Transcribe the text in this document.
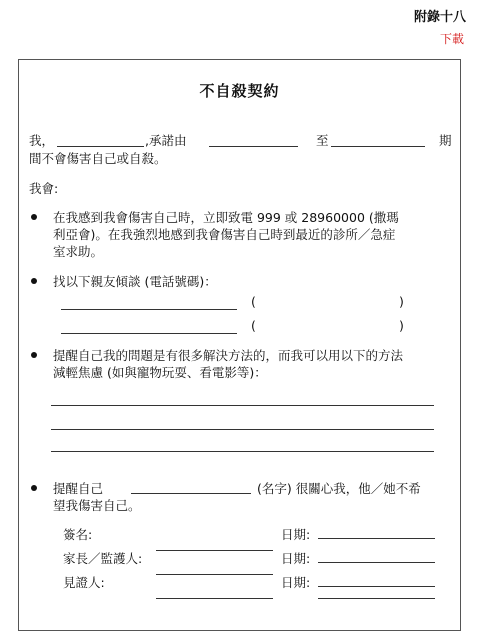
附錄十八
下載
不自殺契約
我，	,承諾由	至	期
間不會傷害自己或自殺。
我會:
在我感到我會傷害自己時，立即致電 999 或 28960000 (撒瑪
利亞會)。在我強烈地感到我會傷害自己時到最近的診所／急症
室求助。
找以下親友傾談 (電話號碼)：
(	)
(	)
提醒自己我的問題是有很多解決方法的，而我可以用以下的方法
減輕焦慮 (如與寵物玩耍、看電影等)：
提醒自己	(名字) 很關心我，他／她不希
望我傷害自己。
簽名:	日期:
家長／監護人:	日期:
見證人:	日期:
